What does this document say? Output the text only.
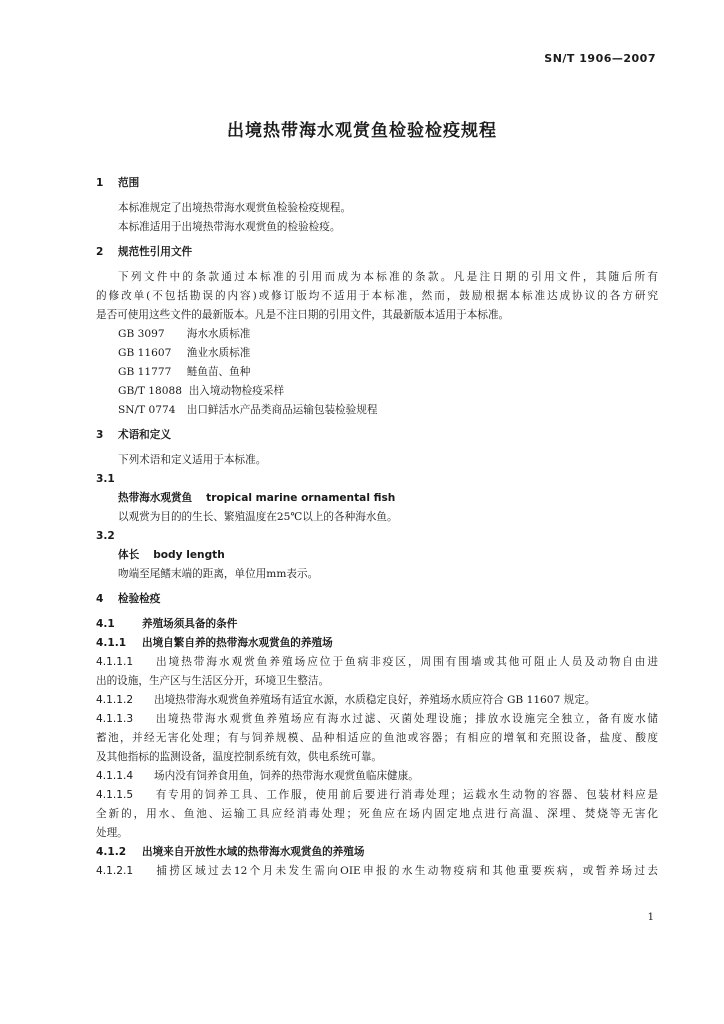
SN/T 1906—2007
出境热带海水观赏鱼检验检疫规程
1 范围
本标准规定了出境热带海水观赏鱼检验检疫规程。
本标准适用于出境热带海水观赏鱼的检验检疫。
2 规范性引用文件
下列文件中的条款通过本标准的引用而成为本标准的条款。凡是注日期的引用文件，其随后所有
的修改单(不包括勘误的内容)或修订版均不适用于本标准，然而，鼓励根据本标准达成协议的各方研究
是否可使用这些文件的最新版本。凡是不注日期的引用文件，其最新版本适用于本标准。
GB 3097 海水水质标准
GB 11607 渔业水质标准
GB 11777 鲢鱼苗、鱼种
GB/T 18088 出入境动物检疫采样
SN/T 0774 出口鲜活水产品类商品运输包装检验规程
3 术语和定义
下列术语和定义适用于本标准。
3.1
热带海水观赏鱼 tropical marine ornamental fish
以观赏为目的的生长、繁殖温度在25℃以上的各种海水鱼。
3.2
体长 body length
吻端至尾鳍末端的距离，单位用mm表示。
4 检验检疫
4.1	养殖场须具备的条件
4.1.1 出境自繁自养的热带海水观赏鱼的养殖场
4.1.1.1 出境热带海水观赏鱼养殖场应位于鱼病非疫区，周围有围墙或其他可阻止人员及动物自由进
出的设施，生产区与生活区分开，环境卫生整洁。
4.1.1.2 出境热带海水观赏鱼养殖场有适宜水源，水质稳定良好，养殖场水质应符合 GB 11607 规定。
4.1.1.3 出境热带海水观赏鱼养殖场应有海水过滤、灭菌处理设施；排放水设施完全独立，备有废水储
蓄池，并经无害化处理；有与饲养规模、品种相适应的鱼池或容器；有相应的增氧和充照设备，盐度、酸度
及其他指标的监测设备，温度控制系统有效，供电系统可靠。
4.1.1.4 场内没有饲养食用鱼，饲养的热带海水观赏鱼临床健康。
4.1.1.5 有专用的饲养工具、工作服，使用前后要进行消毒处理；运载水生动物的容器、包装材料应是
全新的，用水、鱼池、运输工具应经消毒处理；死鱼应在场内固定地点进行高温、深埋、焚烧等无害化
处理。
4.1.2 出境来自开放性水域的热带海水观赏鱼的养殖场
4.1.2.1 捕捞区域过去12个月未发生需向OIE申报的水生动物疫病和其他重要疾病，或暂养场过去
1
